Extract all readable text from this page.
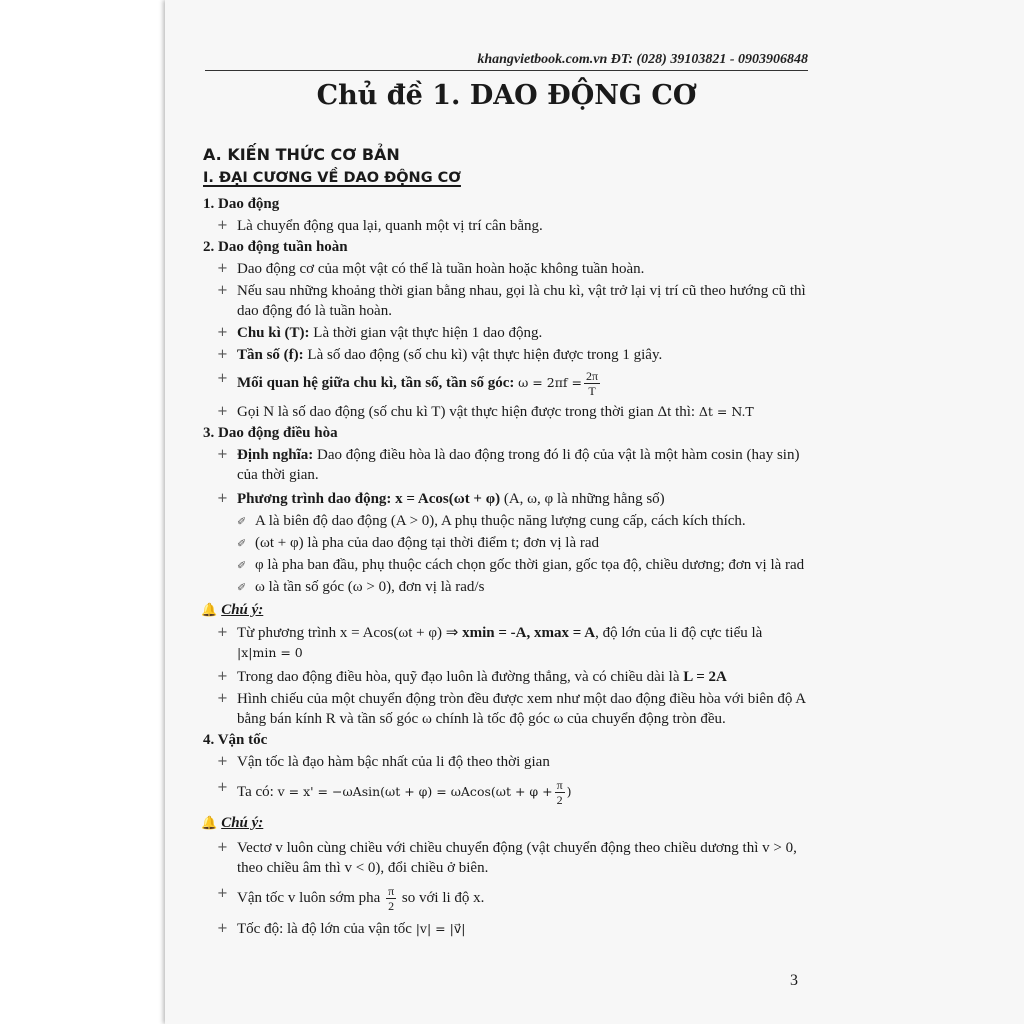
khangvietbook.com.vn ĐT: (028) 39103821 - 0903906848
Chủ đề 1. DAO ĐỘNG CƠ
A. KIẾN THỨC CƠ BẢN
I. ĐẠI CƯƠNG VỀ DAO ĐỘNG CƠ
1. Dao động
+ Là chuyển động qua lại, quanh một vị trí cân bằng.
2. Dao động tuần hoàn
+ Dao động cơ của một vật có thể là tuần hoàn hoặc không tuần hoàn.
+ Nếu sau những khoảng thời gian bằng nhau, gọi là chu kì, vật trở lại vị trí cũ theo hướng cũ thì dao động đó là tuần hoàn.
+ Chu kì (T): Là thời gian vật thực hiện 1 dao động.
+ Tần số (f): Là số dao động (số chu kì) vật thực hiện được trong 1 giây.
+ Mối quan hệ giữa chu kì, tần số, tần số góc: $\omega = 2\pi f = \frac{2\pi}{T}$
+ Gọi N là số dao động (số chu kì T) vật thực hiện được trong thời gian Δt thì: Δt = N.T
3. Dao động điều hòa
+ Định nghĩa: Dao động điều hòa là dao động trong đó li độ của vật là một hàm cosin (hay sin) của thời gian.
+ Phương trình dao động: x = Acos(ωt + φ) (A, ω, φ là những hằng số)
✐ A là biên độ dao động (A > 0), A phụ thuộc năng lượng cung cấp, cách kích thích.
✐ (ωt + φ) là pha của dao động tại thời điểm t; đơn vị là rad
✐ φ là pha ban đầu, phụ thuộc cách chọn gốc thời gian, gốc tọa độ, chiều dương; đơn vị là rad
✐ ω là tần số góc (ω > 0), đơn vị là rad/s
🔔 Chú ý:
+ Từ phương trình x = Acos(ωt + φ) ⇒ xmin = -A, xmax = A, độ lớn của li độ cực tiểu là
|x|min = 0
+ Trong dao động điều hòa, quỹ đạo luôn là đường thẳng, và có chiều dài là L = 2A
+ Hình chiếu của một chuyển động tròn đều được xem như một dao động điều hòa với biên độ A bằng bán kính R và tần số góc ω chính là tốc độ góc ω của chuyển động tròn đều.
4. Vận tốc
+ Vận tốc là đạo hàm bậc nhất của li độ theo thời gian
+ Ta có: $v = x' = -\omega Asin(\omega t + \varphi) = \omega Acos(\omega t + \varphi + \frac{\pi}{2}$ )
🔔 Chú ý:
+ Vectơ v luôn cùng chiều với chiều chuyển động (vật chuyển động theo chiều dương thì v > 0, theo chiều âm thì v < 0), đổi chiều ở biên.
+ Vận tốc v luôn sớm pha $\frac{\pi}{2}$ so với li độ x.
+ Tốc độ: là độ lớn của vận tốc |v| = |v⃗|
3
